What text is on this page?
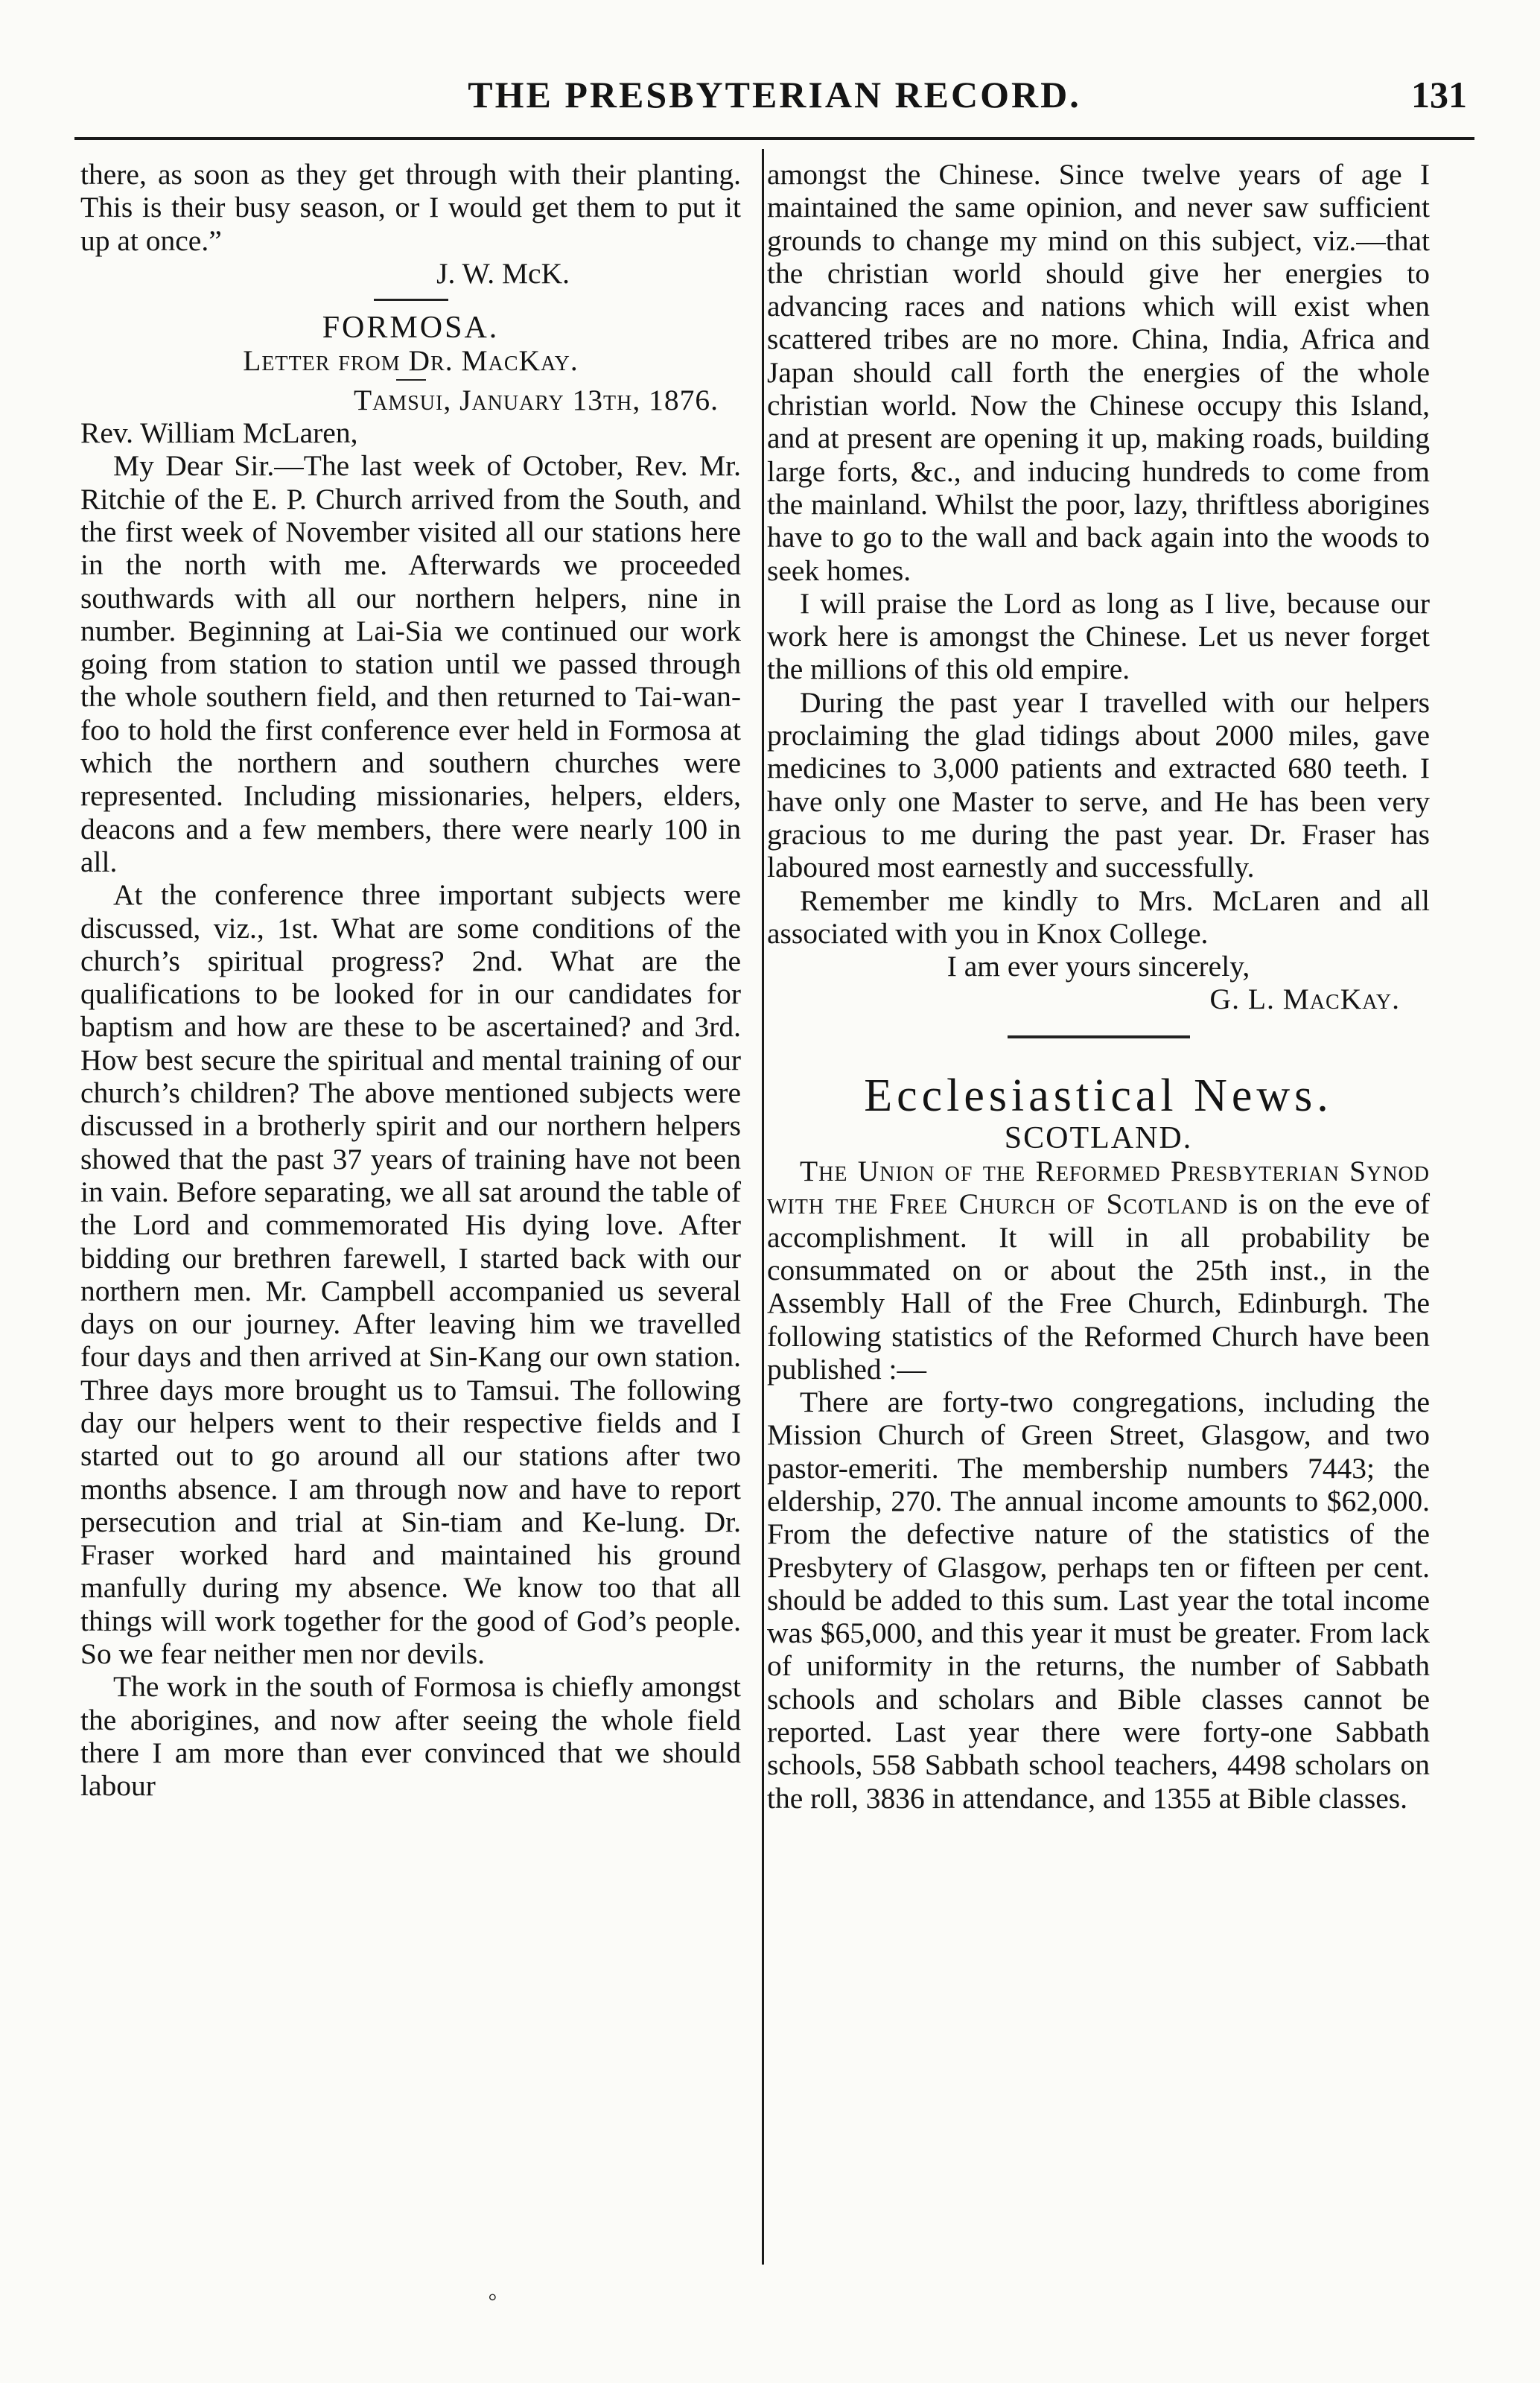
THE PRESBYTERIAN RECORD.	131

there, as soon as they get through with their planting. This is their busy season, or I would get them to put it up at once.”

J. W. McK.

FORMOSA.

Letter from Dr. MacKay.

Tamsui, January 13th, 1876.

Rev. William McLaren,

My Dear Sir.—The last week of October, Rev. Mr. Ritchie of the E. P. Church arrived from the South, and the first week of November visited all our stations here in the north with me. Afterwards we proceeded southwards with all our northern helpers, nine in number. Beginning at Lai-Sia we continued our work going from station to station until we passed through the whole southern field, and then returned to Tai-wan-foo to hold the first conference ever held in Formosa at which the northern and southern churches were represented. Including missionaries, helpers, elders, deacons and a few members, there were nearly 100 in all.

At the conference three important subjects were discussed, viz., 1st. What are some conditions of the church’s spiritual progress? 2nd. What are the qualifications to be looked for in our candidates for baptism and how are these to be ascertained? and 3rd. How best secure the spiritual and mental training of our church’s children? The above mentioned subjects were discussed in a brotherly spirit and our northern helpers showed that the past 37 years of training have not been in vain. Before separating, we all sat around the table of the Lord and commemorated His dying love. After bidding our brethren farewell, I started back with our northern men. Mr. Campbell accompanied us several days on our journey. After leaving him we travelled four days and then arrived at Sin-Kang our own station. Three days more brought us to Tamsui. The following day our helpers went to their respective fields and I started out to go around all our stations after two months absence. I am through now and have to report persecution and trial at Sin-tiam and Ke-lung. Dr. Fraser worked hard and maintained his ground manfully during my absence. We know too that all things will work together for the good of God’s people. So we fear neither men nor devils.

The work in the south of Formosa is chiefly amongst the aborigines, and now after seeing the whole field there I am more than ever convinced that we should labour

amongst the Chinese. Since twelve years of age I maintained the same opinion, and never saw sufficient grounds to change my mind on this subject, viz.—that the christian world should give her energies to advancing races and nations which will exist when scattered tribes are no more. China, India, Africa and Japan should call forth the energies of the whole christian world. Now the Chinese occupy this Island, and at present are opening it up, making roads, building large forts, &c., and inducing hundreds to come from the mainland. Whilst the poor, lazy, thriftless aborigines have to go to the wall and back again into the woods to seek homes.

I will praise the Lord as long as I live, because our work here is amongst the Chinese. Let us never forget the millions of this old empire.

During the past year I travelled with our helpers proclaiming the glad tidings about 2000 miles, gave medicines to 3,000 patients and extracted 680 teeth. I have only one Master to serve, and He has been very gracious to me during the past year. Dr. Fraser has laboured most earnestly and successfully.

Remember me kindly to Mrs. McLaren and all associated with you in Knox College.

I am ever yours sincerely,

G. L. MacKay.

Ecclesiastical News.

SCOTLAND.

The Union of the Reformed Presbyterian Synod with the Free Church of Scotland is on the eve of accomplishment. It will in all probability be consummated on or about the 25th inst., in the Assembly Hall of the Free Church, Edinburgh. The following statistics of the Reformed Church have been published :—

There are forty-two congregations, including the Mission Church of Green Street, Glasgow, and two pastor-emeriti. The membership numbers 7443; the eldership, 270. The annual income amounts to $62,000. From the defective nature of the statistics of the Presbytery of Glasgow, perhaps ten or fifteen per cent. should be added to this sum. Last year the total income was $65,000, and this year it must be greater. From lack of uniformity in the returns, the number of Sabbath schools and scholars and Bible classes cannot be reported. Last year there were forty-one Sabbath schools, 558 Sabbath school teachers, 4498 scholars on the roll, 3836 in attendance, and 1355 at Bible classes.

◦
